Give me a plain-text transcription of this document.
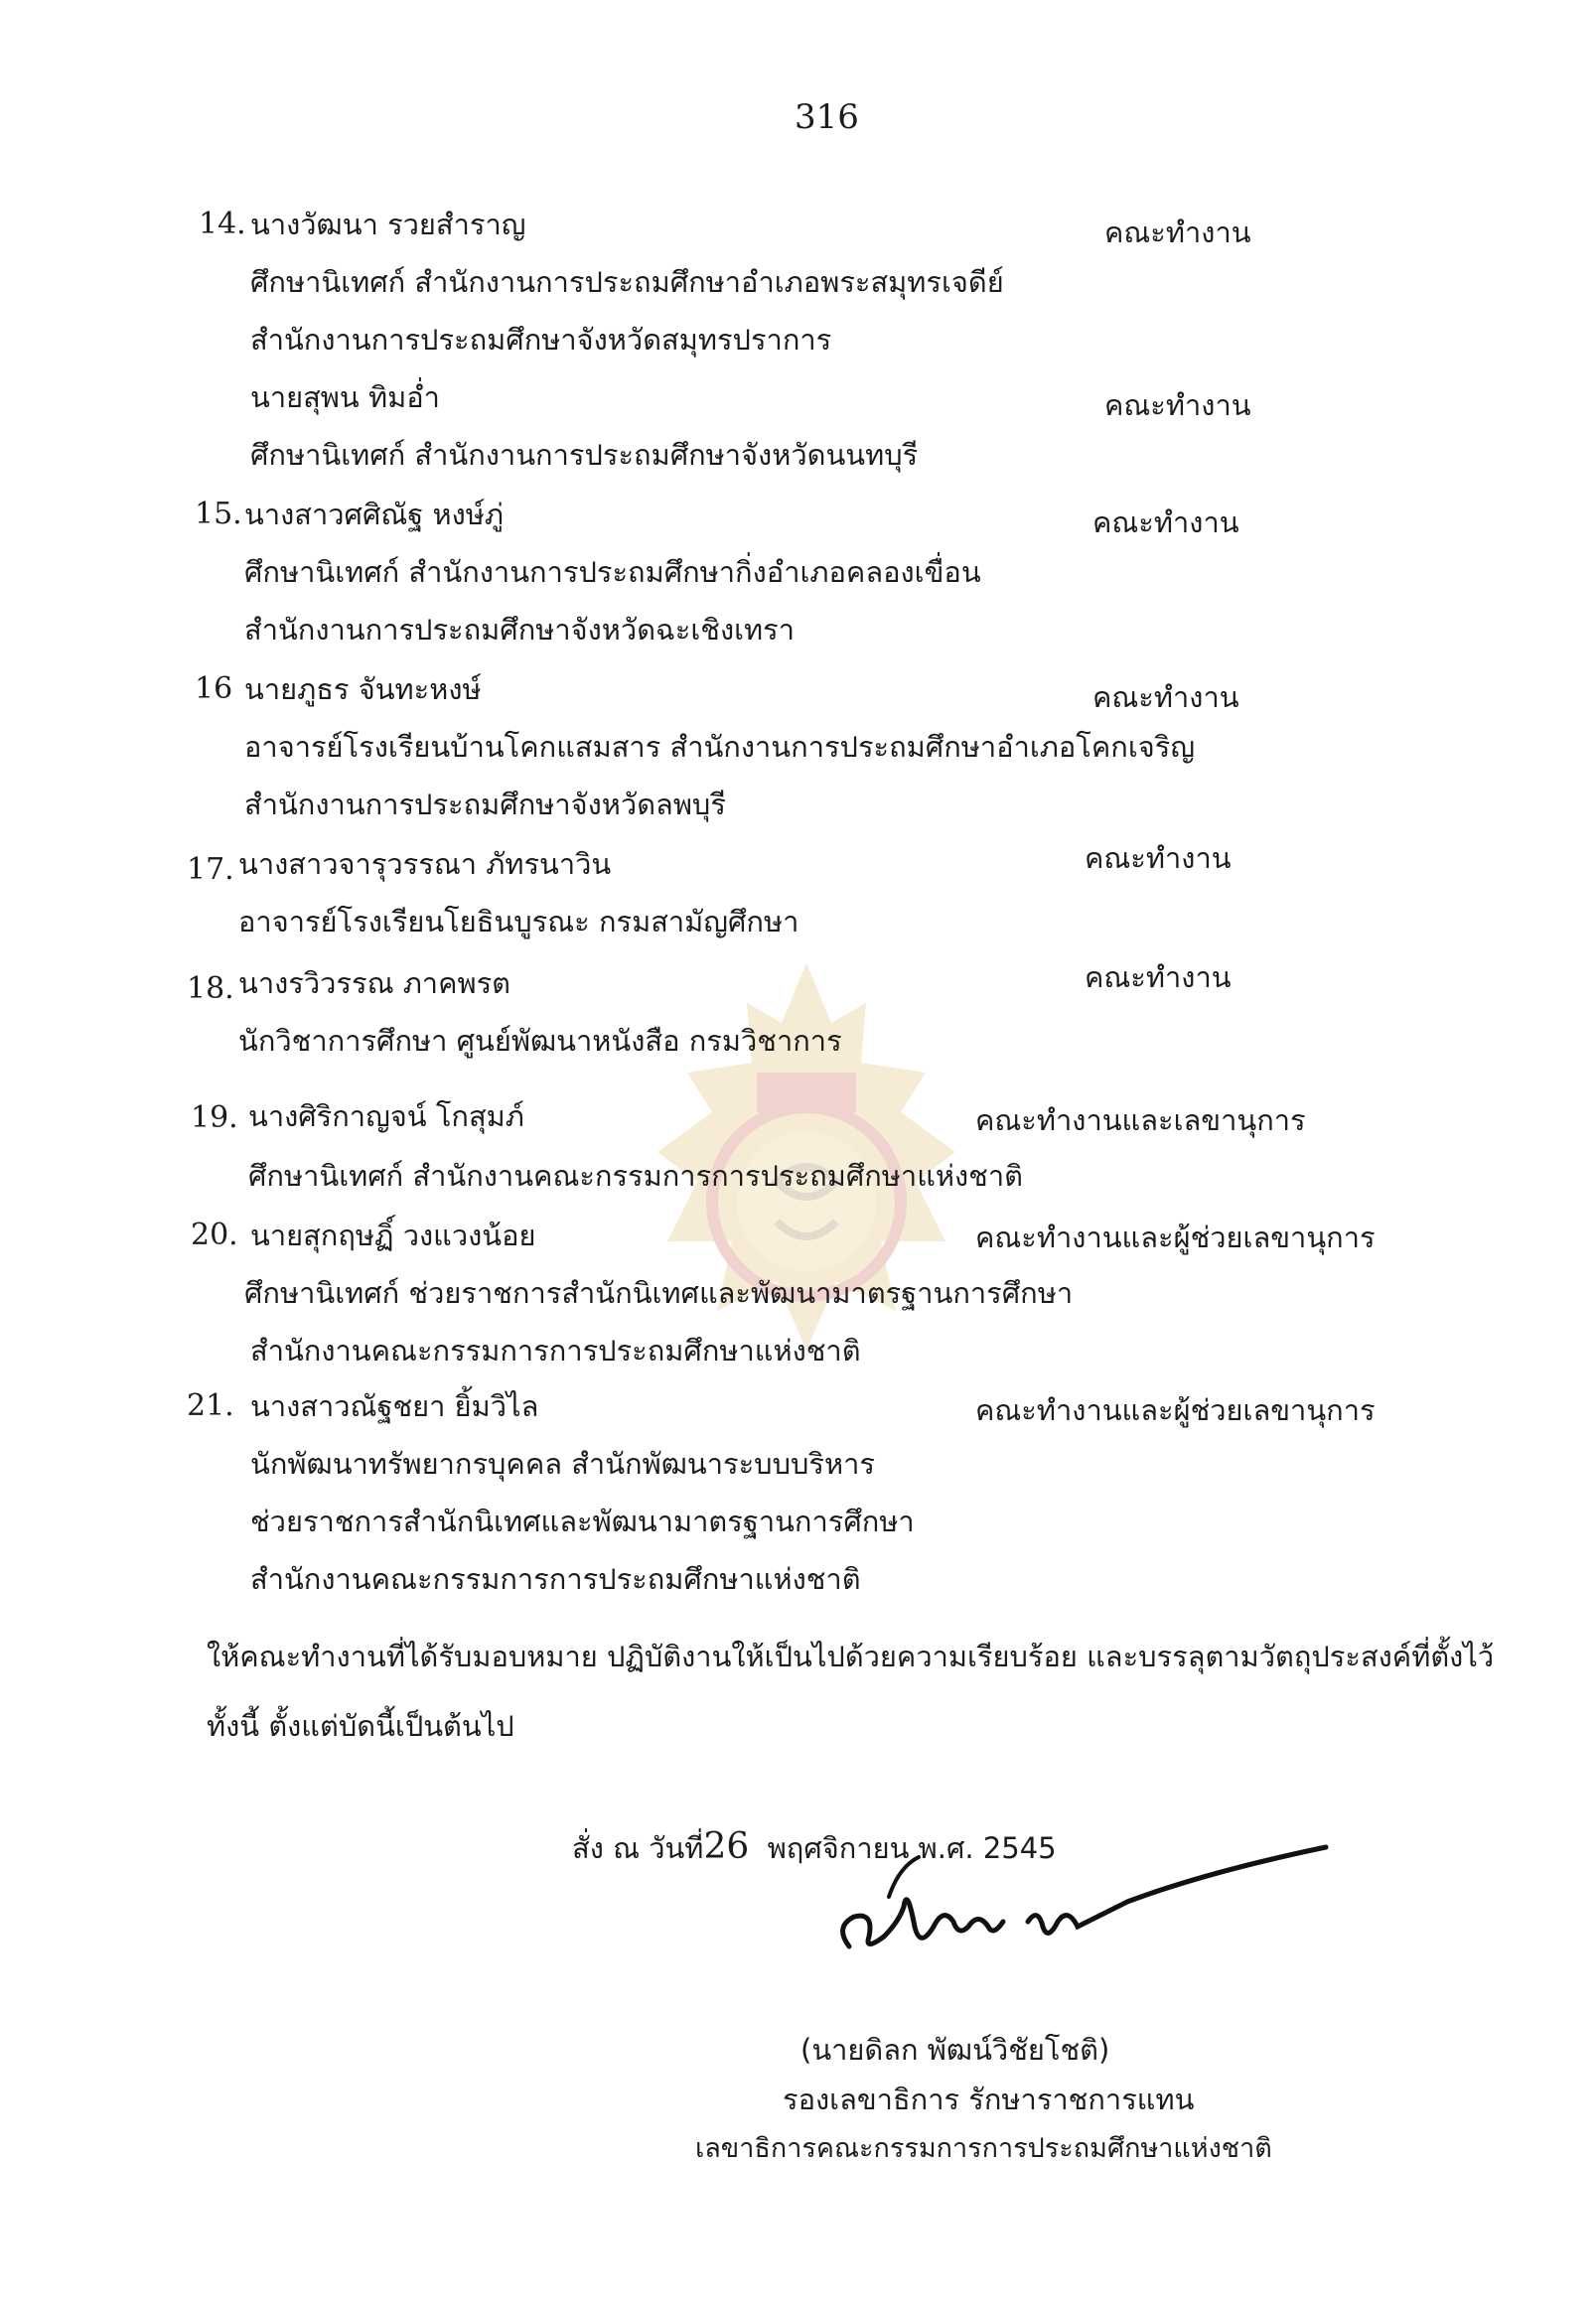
316
14. นางวัฒนา รวยสำราญ	คณะทำงาน
ศึกษานิเทศก์ สำนักงานการประถมศึกษาอำเภอพระสมุทรเจดีย์
สำนักงานการประถมศึกษาจังหวัดสมุทรปราการ
นายสุพน ทิมอ่ำ	คณะทำงาน
ศึกษานิเทศก์ สำนักงานการประถมศึกษาจังหวัดนนทบุรี
15. นางสาวศศิณัฐ หงษ์ภู่	คณะทำงาน
ศึกษานิเทศก์ สำนักงานการประถมศึกษากิ่งอำเภอคลองเขื่อน
สำนักงานการประถมศึกษาจังหวัดฉะเชิงเทรา
16 นายภูธร จันทะหงษ์	คณะทำงาน
อาจารย์โรงเรียนบ้านโคกแสมสาร สำนักงานการประถมศึกษาอำเภอโคกเจริญ
สำนักงานการประถมศึกษาจังหวัดลพบุรี
17. นางสาวจารุวรรณา ภัทรนาวิน	คณะทำงาน
อาจารย์โรงเรียนโยธินบูรณะ กรมสามัญศึกษา
18. นางรวิวรรณ ภาคพรต	คณะทำงาน
นักวิชาการศึกษา ศูนย์พัฒนาหนังสือ กรมวิชาการ
19. นางศิริกาญจน์ โกสุมภ์	คณะทำงานและเลขานุการ
ศึกษานิเทศก์ สำนักงานคณะกรรมการการประถมศึกษาแห่งชาติ
20. นายสุกฤษฏิ์ วงแวงน้อย	คณะทำงานและผู้ช่วยเลขานุการ
ศึกษานิเทศก์ ช่วยราชการสำนักนิเทศและพัฒนามาตรฐานการศึกษา
สำนักงานคณะกรรมการการประถมศึกษาแห่งชาติ
21. นางสาวณัฐชยา ยิ้มวิไล	คณะทำงานและผู้ช่วยเลขานุการ
นักพัฒนาทรัพยากรบุคคล สำนักพัฒนาระบบบริหาร
ช่วยราชการสำนักนิเทศและพัฒนามาตรฐานการศึกษา
สำนักงานคณะกรรมการการประถมศึกษาแห่งชาติ
ให้คณะทำงานที่ได้รับมอบหมาย ปฏิบัติงานให้เป็นไปด้วยความเรียบร้อย และบรรลุตามวัตถุประสงค์ที่ตั้งไว้
ทั้งนี้ ตั้งแต่บัดนี้เป็นต้นไป
สั่ง ณ วันที่26 พฤศจิกายน พ.ศ. 2545
(นายดิลก พัฒน์วิชัยโชติ)
รองเลขาธิการ รักษาราชการแทน
เลขาธิการคณะกรรมการการประถมศึกษาแห่งชาติ
